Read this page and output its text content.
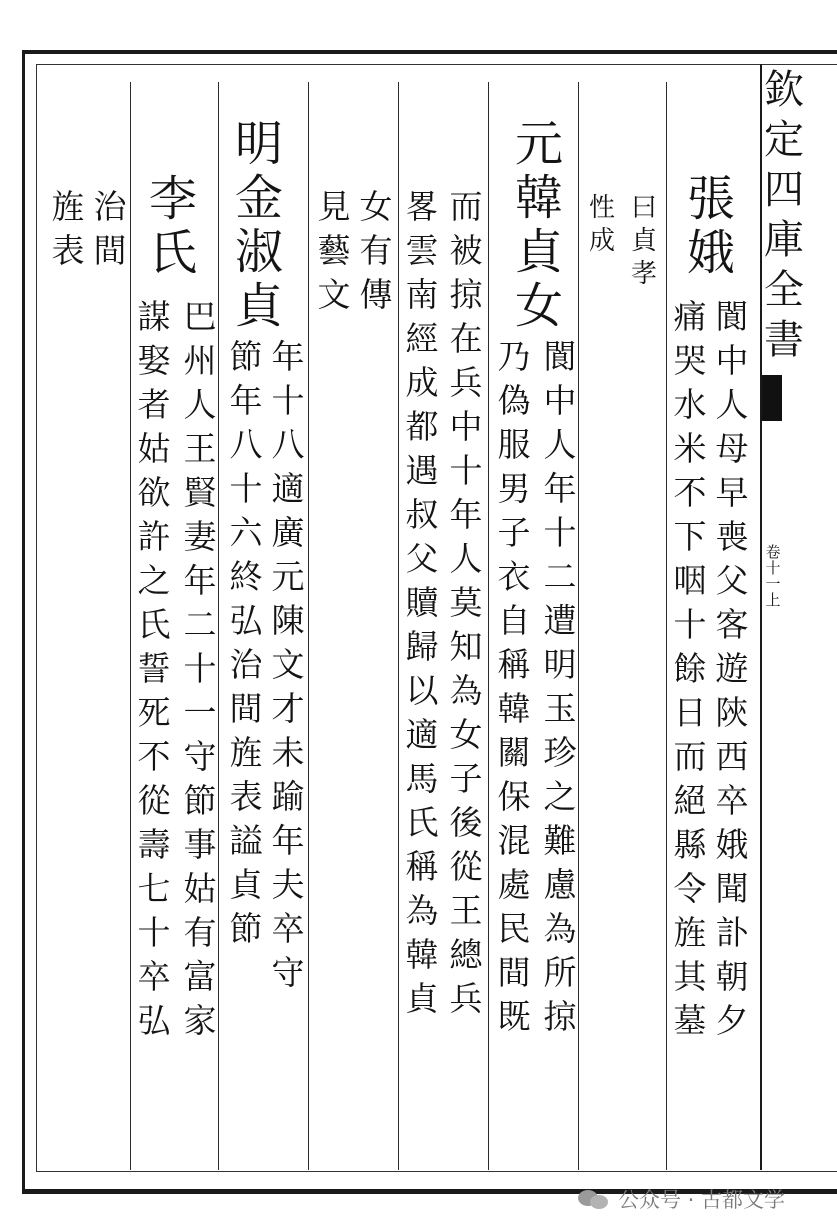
欽
定
四
庫
全
書
卷
十
一
上
張
娥
閬
中
人
母
早
喪
父
客
遊
陝
西
卒
娥
聞
訃
朝
夕
痛
哭
水
米
不
下
咽
十
餘
日
而
絕
縣
令
旌
其
墓
曰
貞
孝
性
成
元
韓
貞
女
閬
中
人
年
十
二
遭
明
玉
珍
之
難
慮
為
所
掠
乃
偽
服
男
子
衣
自
稱
韓
關
保
混
處
民
間
既
而
被
掠
在
兵
中
十
年
人
莫
知
為
女
子
後
從
王
總
兵
畧
雲
南
經
成
都
遇
叔
父
贖
歸
以
適
馬
氏
稱
為
韓
貞
女
有
傳
見
藝
文
明
金
淑
貞
年
十
八
適
廣
元
陳
文
才
未
踰
年
夫
卒
守
節
年
八
十
六
終
弘
治
間
旌
表
謚
貞
節
李
氏
巴
州
人
王
賢
妻
年
二
十
一
守
節
事
姑
有
富
家
謀
娶
者
姑
欲
許
之
氏
誓
死
不
從
壽
七
十
卒
弘
治
間
旌
表
公众号 · 古都文学
